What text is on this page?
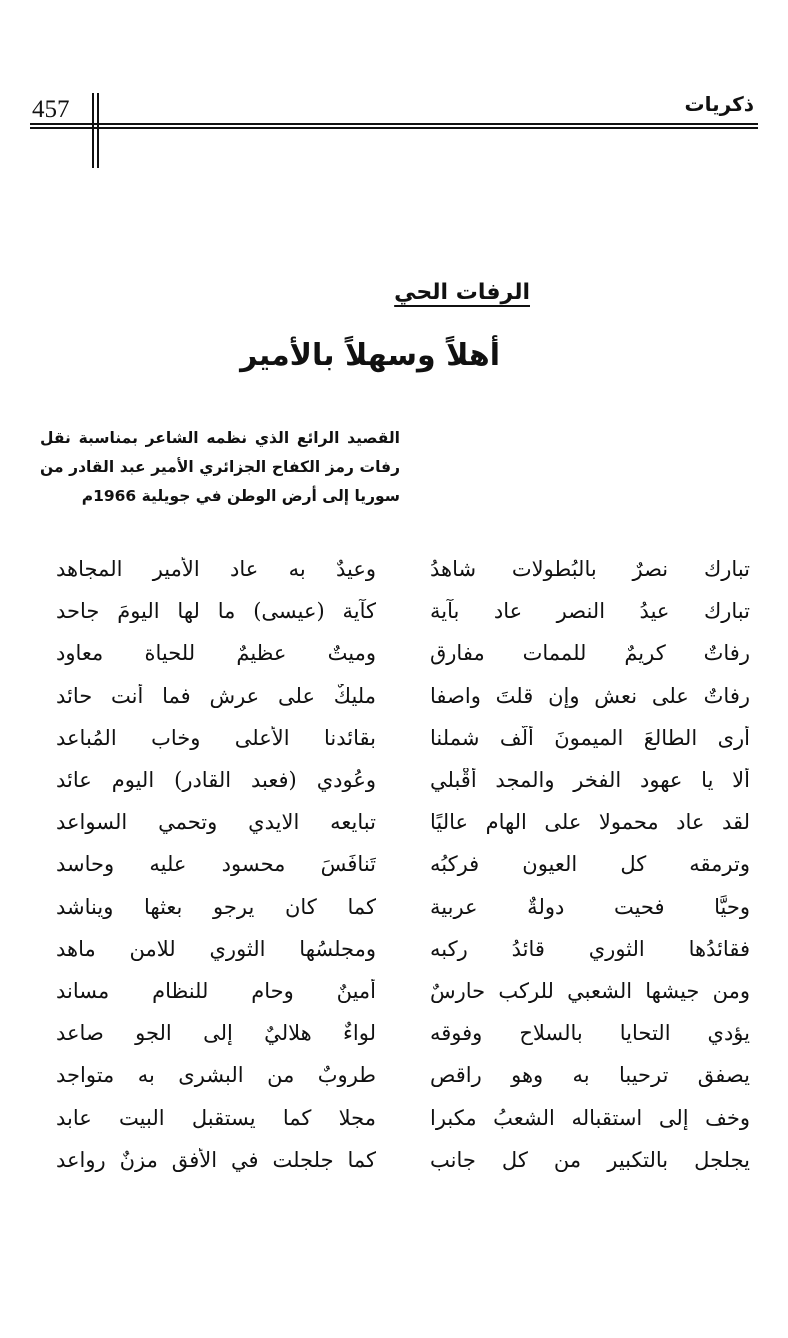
457	ذكريات
الرفات الحي
أهلاً وسهلاً بالأمير
القصيد الرائع الذي نظمه الشاعر بمناسبة نقل رفات رمز الكفاح الجزائري الأمير عبد القادر من سوريا إلى أرض الوطن في جويلية 1966م
تبارك نصرٌ بالبُطولات شاهدُ
وعيدٌ به عاد الأمير المجاهد
تبارك عيدُ النصر عاد بآية
كآية (عيسى) ما لها اليومَ جاحد
رفاتٌ كريمٌ للممات مفارق
وميتٌ عظيمٌ للحياة معاود
رفاتٌ على نعش وإن قلتَ واصفا
مليكٌ على عرش فما أنت حائد
أرى الطالعَ الميمونَ ألَّف شملنا
بقائدنا الأعلى وخاب المُباعد
ألا يا عهود الفخر والمجد أقْبلي
وعُودي (فعبد القادر) اليوم عائد
لقد عاد محمولا على الهام عاليًا
تبايعه الايدي وتحمي السواعد
وترمقه كل العيون فركبُه
تَنافَسَ محسود عليه وحاسد
وحيًّا فحيت دولةٌ عربية
كما كان يرجو بعثها ويناشد
فقائدُها الثوري قائدُ ركبه
ومجلسُها الثوري للامن ماهد
ومن جيشها الشعبي للركب حارسٌ
أمينٌ وحامٍ للنظام مساند
يؤدي التحايا بالسلاح وفوقه
لواءٌ هلاليٌ إلى الجو صاعد
يصفق ترحيبا به وهو راقص
طروبٌ من البشرى به متواجد
وخف إلى استقباله الشعبُ مكبرا
مجلا كما يستقبل البيت عابد
يجلجل بالتكبير من كل جانب
كما جلجلت في الأفق مزنٌ رواعد
